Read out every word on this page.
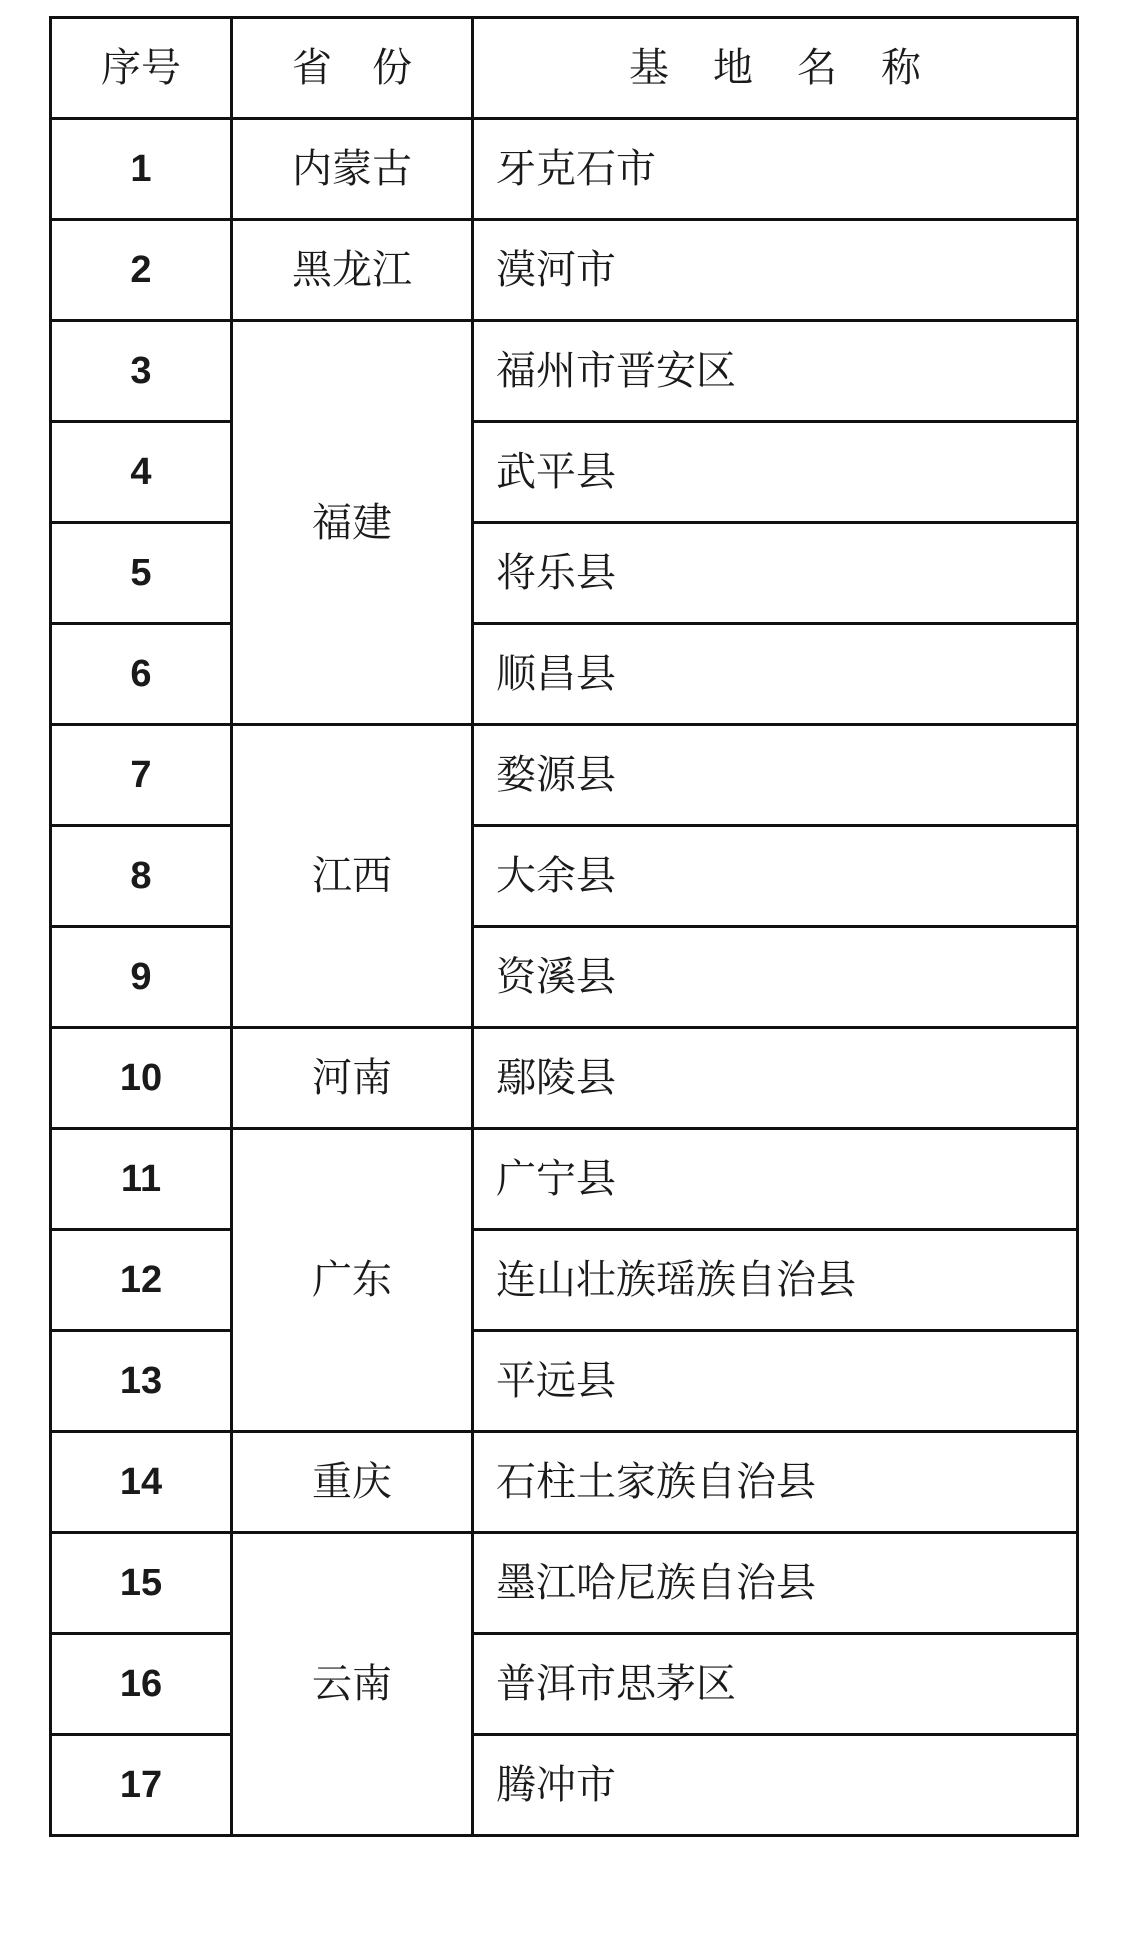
序号	省份	基地名称
1	内蒙古	牙克石市
2	黑龙江	漠河市
3	福建	福州市晋安区
4		武平县
5		将乐县
6		顺昌县
7	江西	婺源县
8		大余县
9		资溪县
10	河南	鄢陵县
11	广东	广宁县
12		连山壮族瑶族自治县
13		平远县
14	重庆	石柱土家族自治县
15	云南	墨江哈尼族自治县
16		普洱市思茅区
17		腾冲市
